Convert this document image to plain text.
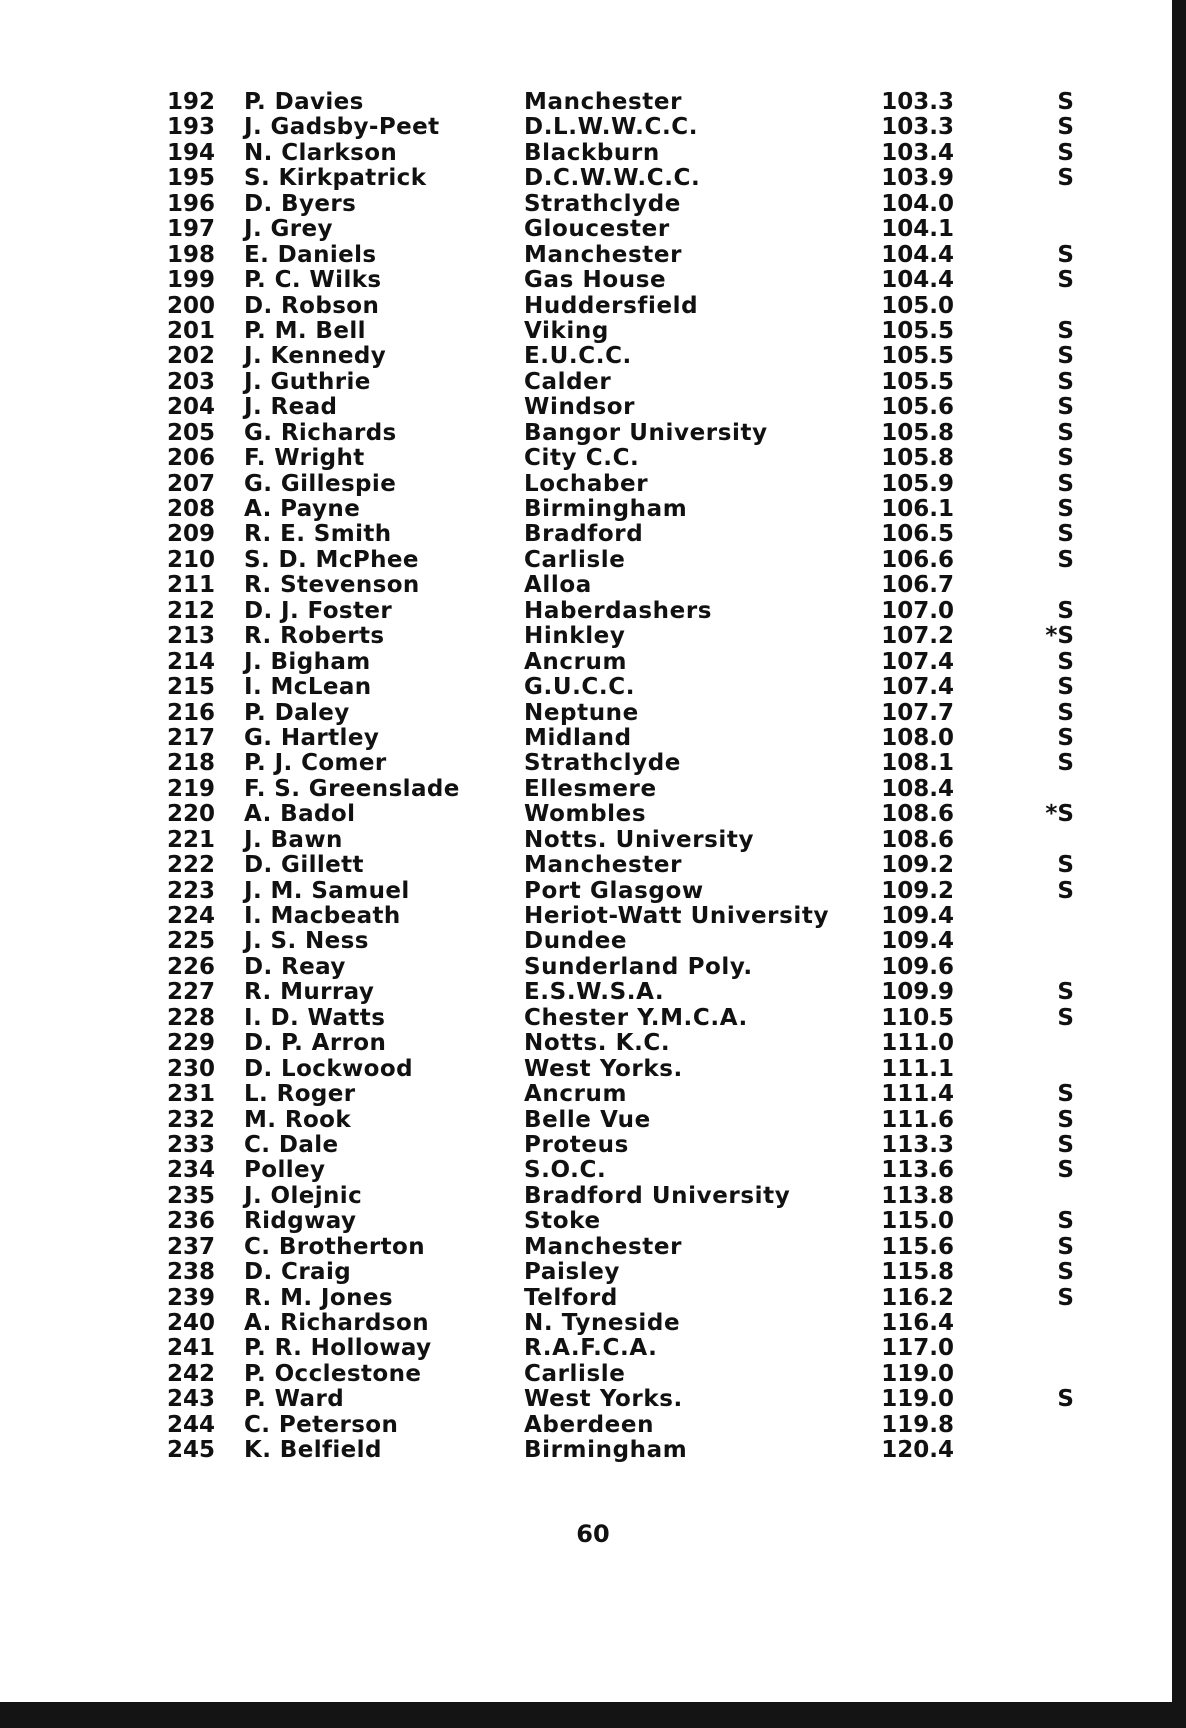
192 P. Davies	Manchester	103.3	S
193 J. Gadsby-Peet	D.L.W.W.C.C.	103.3	S
194 N. Clarkson	Blackburn	103.4	S
195 S. Kirkpatrick	D.C.W.W.C.C.	103.9	S
196 D. Byers	Strathclyde	104.0
197 J. Grey	Gloucester	104.1
198 E. Daniels	Manchester	104.4	S
199 P. C. Wilks	Gas House	104.4	S
200 D. Robson	Huddersfield	105.0
201 P. M. Bell	Viking	105.5	S
202 J. Kennedy	E.U.C.C.	105.5	S
203 J. Guthrie	Calder	105.5	S
204 J. Read	Windsor	105.6	S
205 G. Richards	Bangor University	105.8	S
206 F. Wright	City C.C.	105.8	S
207 G. Gillespie	Lochaber	105.9	S
208 A. Payne	Birmingham	106.1	S
209 R. E. Smith	Bradford	106.5	S
210 S. D. McPhee	Carlisle	106.6	S
211 R. Stevenson	Alloa	106.7
212 D. J. Foster	Haberdashers	107.0	S
213 R. Roberts	Hinkley	107.2	*S
214 J. Bigham	Ancrum	107.4	S
215 I. McLean	G.U.C.C.	107.4	S
216 P. Daley	Neptune	107.7	S
217 G. Hartley	Midland	108.0	S
218 P. J. Comer	Strathclyde	108.1	S
219 F. S. Greenslade	Ellesmere	108.4
220 A. Badol	Wombles	108.6	*S
221 J. Bawn	Notts. University	108.6
222 D. Gillett	Manchester	109.2	S
223 J. M. Samuel	Port Glasgow	109.2	S
224 I. Macbeath	Heriot-Watt University 109.4
225 J. S. Ness	Dundee	109.4
226 D. Reay	Sunderland Poly.	109.6
227 R. Murray	E.S.W.S.A.	109.9	S
228 I. D. Watts	Chester Y.M.C.A.	110.5	S
229 D. P. Arron	Notts. K.C.	111.0
230 D. Lockwood	West Yorks.	111.1
231 L. Roger	Ancrum	111.4	S
232 M. Rook	Belle Vue	111.6	S
233 C. Dale	Proteus	113.3	S
234 Polley	S.O.C.	113.6	S
235 J. Olejnic	Bradford University	113.8
236 Ridgway	Stoke	115.0	S
237 C. Brotherton	Manchester	115.6	S
238 D. Craig	Paisley	115.8	S
239 R. M. Jones	Telford	116.2	S
240 A. Richardson	N. Tyneside	116.4
241 P. R. Holloway	R.A.F.C.A.	117.0
242 P. Occlestone	Carlisle	119.0
243 P. Ward	West Yorks.	119.0	S
244 C. Peterson	Aberdeen	119.8
245 K. Belfield	Birmingham	120.4
60
